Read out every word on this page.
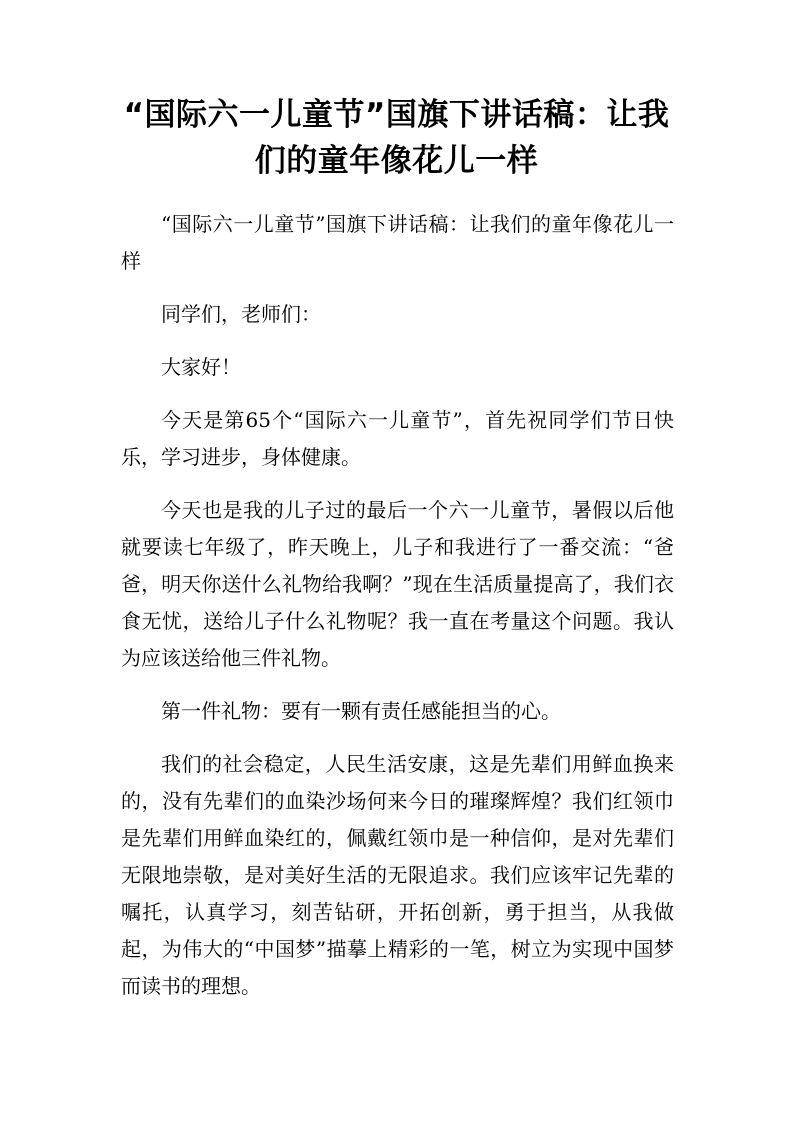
“国际六一儿童节”国旗下讲话稿：让我们的童年像花儿一样

“国际六一儿童节”国旗下讲话稿：让我们的童年像花儿一样

同学们，老师们：

大家好！

今天是第65个“国际六一儿童节”，首先祝同学们节日快乐，学习进步，身体健康。

今天也是我的儿子过的最后一个六一儿童节，暑假以后他就要读七年级了，昨天晚上，儿子和我进行了一番交流：“爸爸，明天你送什么礼物给我啊？”现在生活质量提高了，我们衣食无忧，送给儿子什么礼物呢？我一直在考量这个问题。我认为应该送给他三件礼物。

第一件礼物：要有一颗有责任感能担当的心。

我们的社会稳定，人民生活安康，这是先辈们用鲜血换来的，没有先辈们的血染沙场何来今日的璀璨辉煌？我们红领巾是先辈们用鲜血染红的，佩戴红领巾是一种信仰，是对先辈们无限地崇敬，是对美好生活的无限追求。我们应该牢记先辈的嘱托，认真学习，刻苦钻研，开拓创新，勇于担当，从我做起，为伟大的“中国梦”描摹上精彩的一笔，树立为实现中国梦而读书的理想。
